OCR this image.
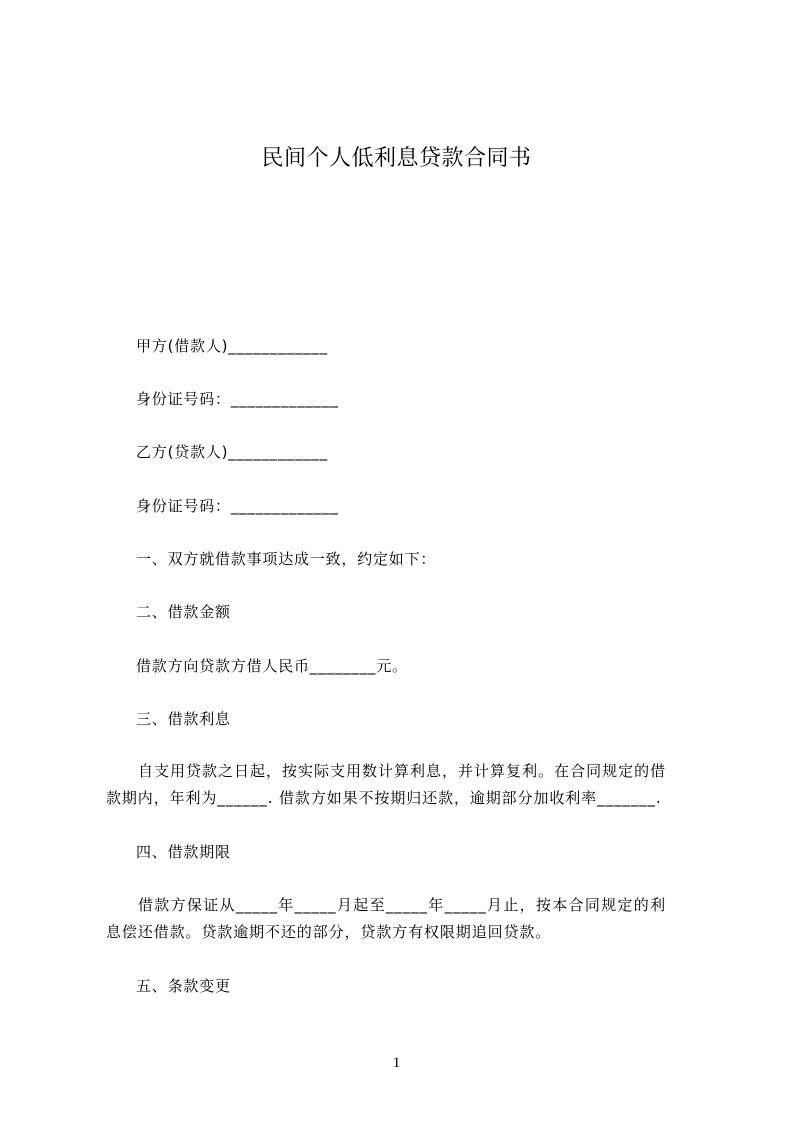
民间个人低利息贷款合同书
甲方(借款人)____________
身份证号码：_____________
乙方(贷款人)____________
身份证号码：_____________
一、双方就借款事项达成一致，约定如下：
二、借款金额
借款方向贷款方借人民币________元。
三、借款利息
自支用贷款之日起，按实际支用数计算利息，并计算复利。在合同规定的借款期内，年利为______. 借款方如果不按期归还款，逾期部分加收利率_______.
四、借款期限
借款方保证从_____年_____月起至_____年_____月止，按本合同规定的利息偿还借款。贷款逾期不还的部分，贷款方有权限期追回贷款。
五、条款变更
1
